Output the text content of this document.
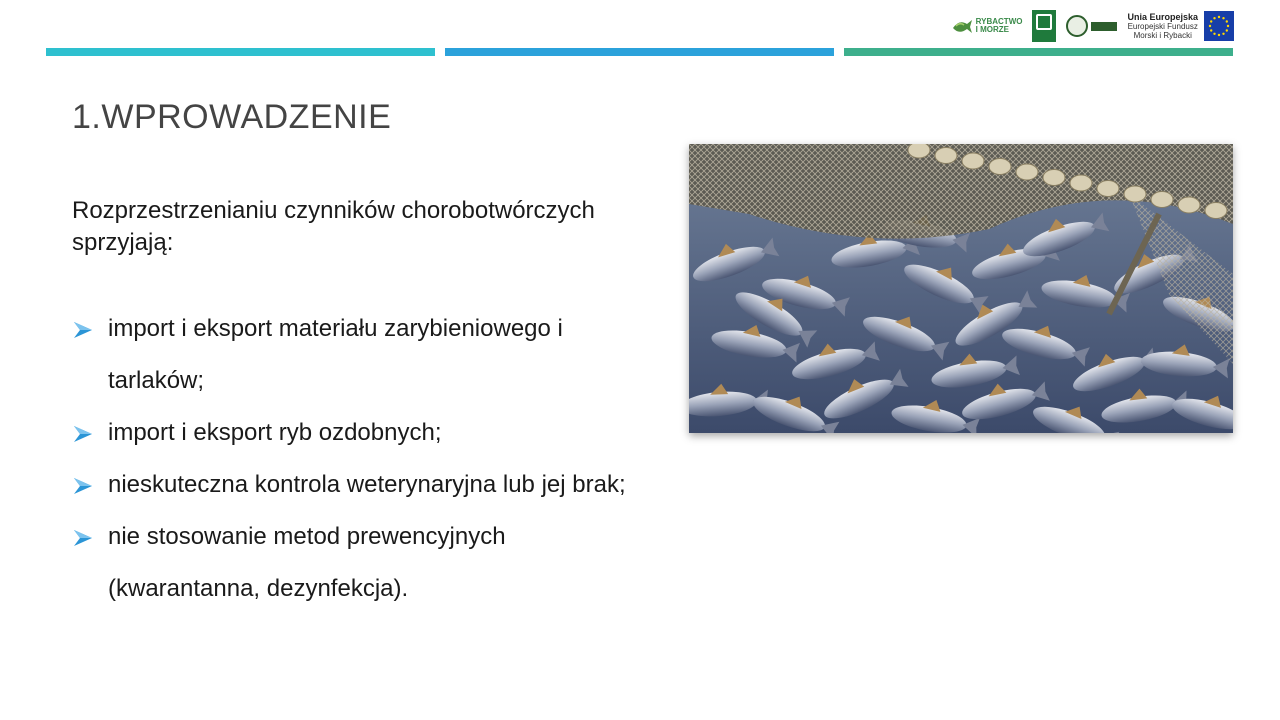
RYBACTWO
I MORZE
Unia Europejska
Europejski Fundusz
Morski i Rybacki
1.WPROWADZENIE
Rozprzestrzenianiu czynników chorobotwórczych
sprzyjają:
import i eksport materiału zarybieniowego i
tarlaków;
import i eksport ryb ozdobnych;
nieskuteczna kontrola weterynaryjna lub jej brak;
nie stosowanie metod prewencyjnych
(kwarantanna, dezynfekcja).
